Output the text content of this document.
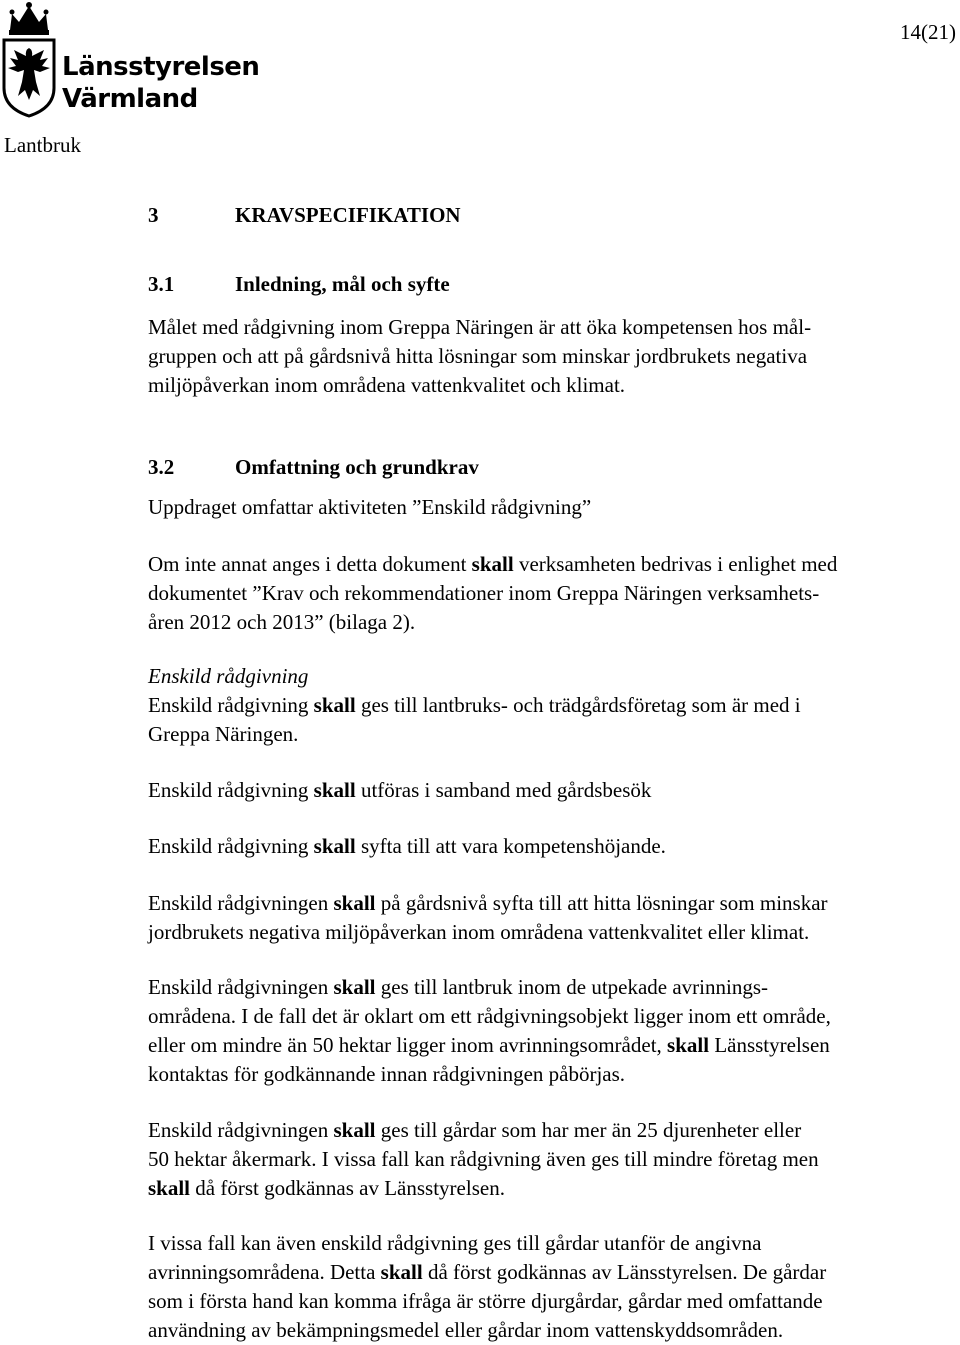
Länsstyrelsen
Värmland
14(21)
Lantbruk
3	KRAVSPECIFIKATION
3.1	Inledning, mål och syfte

Målet med rådgivning inom Greppa Näringen är att öka kompetensen hos mål-
gruppen och att på gårdsnivå hitta lösningar som minskar jordbrukets negativa
miljöpåverkan inom områdena vattenkvalitet och klimat.

3.2	Omfattning och grundkrav

Uppdraget omfattar aktiviteten ”Enskild rådgivning”

Om inte annat anges i detta dokument skall verksamheten bedrivas i enlighet med
dokumentet ”Krav och rekommendationer inom Greppa Näringen verksamhets-
åren 2012 och 2013” (bilaga 2).

Enskild rådgivning
Enskild rådgivning skall ges till lantbruks- och trädgårdsföretag som är med i
Greppa Näringen.

Enskild rådgivning skall utföras i samband med gårdsbesök

Enskild rådgivning skall syfta till att vara kompetenshöjande.

Enskild rådgivningen skall på gårdsnivå syfta till att hitta lösningar som minskar
jordbrukets negativa miljöpåverkan inom områdena vattenkvalitet eller klimat.

Enskild rådgivningen skall ges till lantbruk inom de utpekade avrinnings-
områdena. I de fall det är oklart om ett rådgivningsobjekt ligger inom ett område,
eller om mindre än 50 hektar ligger inom avrinningsområdet, skall Länsstyrelsen
kontaktas för godkännande innan rådgivningen påbörjas.

Enskild rådgivningen skall ges till gårdar som har mer än 25 djurenheter eller
50 hektar åkermark. I vissa fall kan rådgivning även ges till mindre företag men
skall då först godkännas av Länsstyrelsen.

I vissa fall kan även enskild rådgivning ges till gårdar utanför de angivna
avrinningsområdena. Detta skall då först godkännas av Länsstyrelsen. De gårdar
som i första hand kan komma ifråga är större djurgårdar, gårdar med omfattande
användning av bekämpningsmedel eller gårdar inom vattenskyddsområden.
